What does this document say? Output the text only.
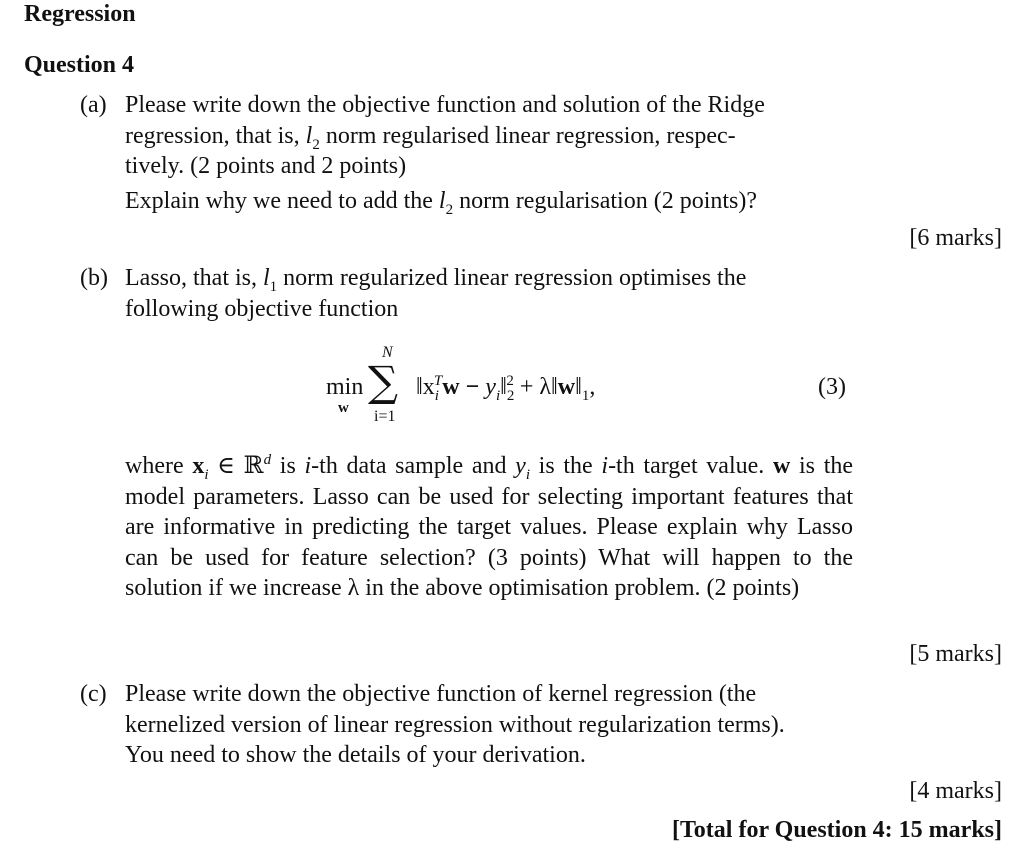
Regression
Question 4
(a) Please write down the objective function and solution of the Ridge
regression, that is, $l_2$ norm regularised linear regression, respec-
tively. (2 points and 2 points)
Explain why we need to add the $l_2$ norm regularisation (2 points)?
[6 marks]
(b) Lasso, that is, $l_1$ norm regularized linear regression optimises the
following objective function
min
w
N
∑
i=1
$‖x_i^Tw$ − $y_i‖_2^2$ + $\lambda‖w‖_1$,	(3)
where $x_i$ ∈ ℝ$^d$ is i-th data sample and $y_i$ is the i-th target value. w is the model parameters. Lasso can be used for selecting important features that are informative in predicting the target values. Please explain why Lasso can be used for feature selection? (3 points) What will happen to the solution if we increase λ in the above optimisation problem. (2 points)
[5 marks]
(c) Please write down the objective function of kernel regression (the
kernelized version of linear regression without regularization terms).
You need to show the details of your derivation.
[4 marks]
[Total for Question 4: 15 marks]
